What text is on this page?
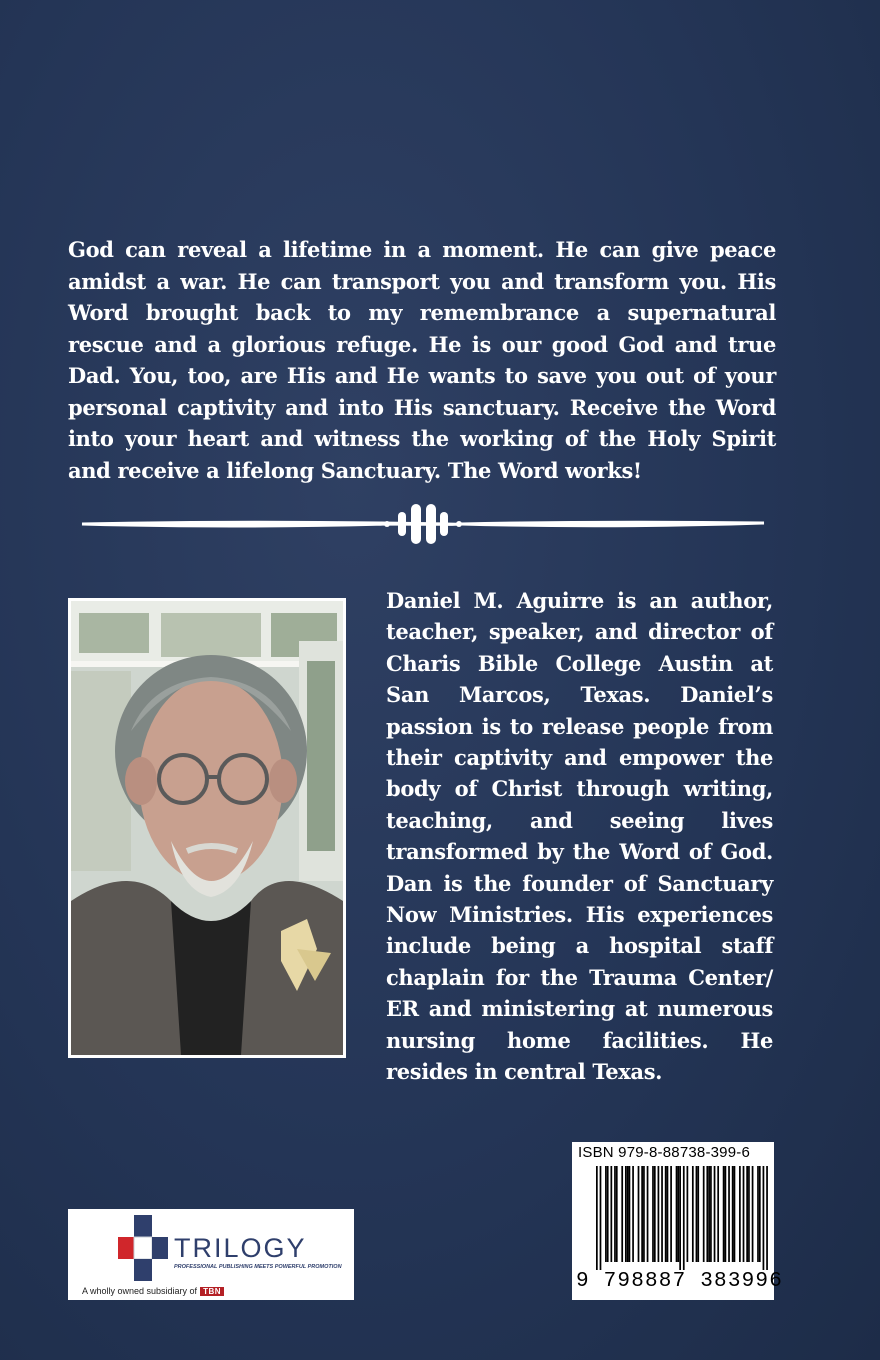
God can reveal a lifetime in a moment. He can give peace amidst a war. He can transport you and transform you. His Word brought back to my remembrance a supernatural rescue and a glorious refuge. He is our good God and true Dad. You, too, are His and He wants to save you out of your personal captivity and into His sanctuary. Receive the Word into your heart and witness the working of the Holy Spirit and receive a lifelong Sanctuary. The Word works!

Daniel M. Aguirre is an author, teacher, speaker, and director of Charis Bible College Austin at San Marcos, Texas. Daniel’s passion is to release people from their captivity and empower the body of Christ through writing, teaching, and seeing lives transformed by the Word of God. Dan is the founder of Sanctuary Now Ministries. His experiences include being a hospital staff chaplain for the Trauma Center/ ER and ministering at numerous nursing home facilities. He resides in central Texas.

TRILOGY
PROFESSIONAL PUBLISHING MEETS POWERFUL PROMOTION
A wholly owned subsidiary of TBN
ISBN 979-8-88738-399-6
9 798887 383996
